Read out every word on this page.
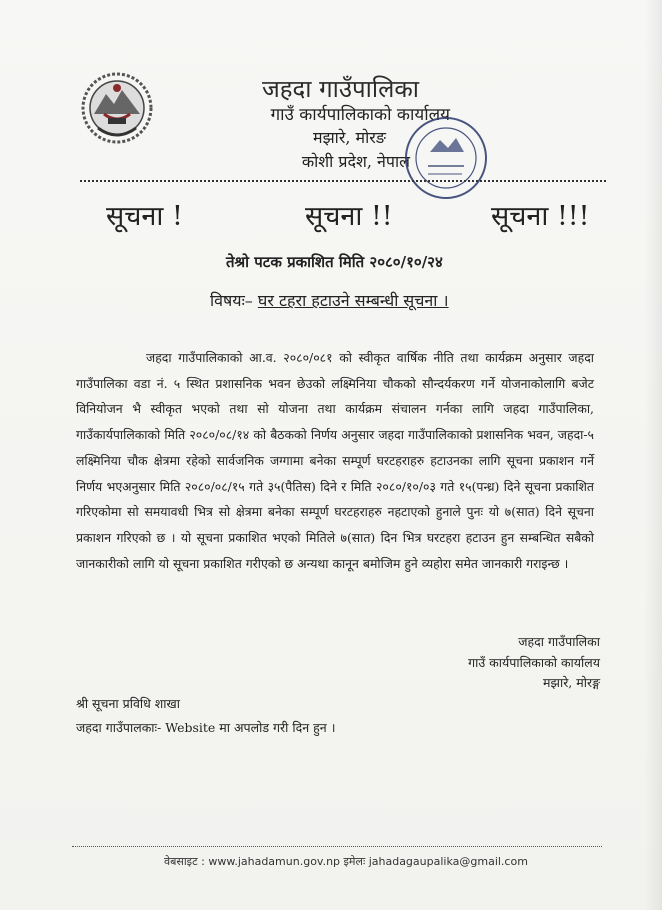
जहदा गाउँपालिका
गाउँ कार्यपालिकाको कार्यालय
मझारे, मोरङ
कोशी प्रदेश, नेपाल
सूचना !	सूचना !!	सूचना !!!
तेश्रो पटक प्रकाशित मिति २०८०/१०/२४
विषयः– घर टहरा हटाउने सम्बन्धी सूचना ।
जहदा गाउँपालिकाको आ.व. २०८०/०८१ को स्वीकृत वार्षिक नीति तथा कार्यक्रम अनुसार जहदा गाउँपालिका वडा नं. ५ स्थित प्रशासनिक भवन छेउको लक्ष्मिनिया चौकको सौन्दर्यकरण गर्ने योजनाकोलागि बजेट विनियोजन भै स्वीकृत भएको तथा सो योजना तथा कार्यक्रम संचालन गर्नका लागि जहदा गाउँपालिका, गाउँकार्यपालिकाको मिति २०८०/०८/१४ को बैठकको निर्णय अनुसार जहदा गाउँपालिकाको प्रशासनिक भवन, जहदा-५ लक्ष्मिनिया चौक क्षेत्रमा रहेको सार्वजनिक जग्गामा बनेका सम्पूर्ण घरटहराहरु हटाउनका लागि सूचना प्रकाशन गर्ने निर्णय भएअनुसार मिति २०८०/०८/१५ गते ३५(पैतिस) दिने र मिति २०८०/१०/०३ गते १५(पन्ध्र) दिने सूचना प्रकाशित गरिएकोमा सो समयावधी भित्र सो क्षेत्रमा बनेका सम्पूर्ण घरटहराहरु नहटाएको हुनाले पुनः यो ७(सात) दिने सूचना प्रकाशन गरिएको छ । यो सूचना प्रकाशित भएको मितिले ७(सात) दिन भित्र घरटहरा हटाउन हुन सम्बन्धित सबैको जानकारीको लागि यो सूचना प्रकाशित गरीएको छ अन्यथा कानून बमोजिम हुने व्यहोरा समेत जानकारी गराइन्छ ।
जहदा गाउँपालिका
गाउँ कार्यपालिकाको कार्यालय
मझारे, मोरङ्ग
श्री सूचना प्रविधि शाखा
जहदा गाउँपालकाः- Website मा अपलोड गरी दिन हुन ।
वेबसाइट : www.jahadamun.gov.np इमेलः jahadagaupalika@gmail.com
